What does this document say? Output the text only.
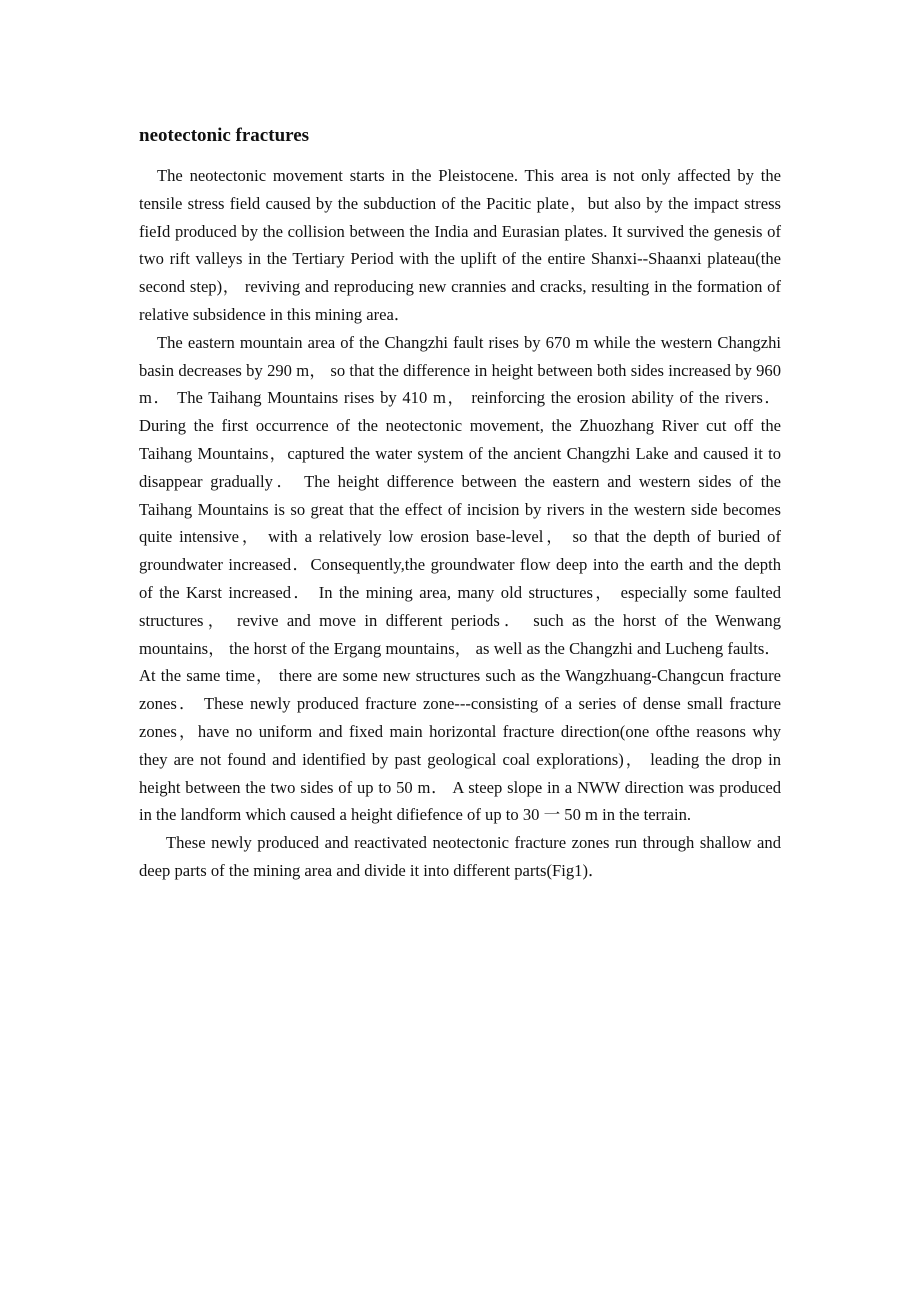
neotectonic fractures

The neotectonic movement starts in the Pleistocene. This area is not only affected by the tensile stress field caused by the subduction of the Pacitic plate，but also by the impact stress fieId produced by the collision between the India and Eurasian plates. It survived the genesis of two rift valleys in the Tertiary Period with the uplift of the entire Shanxi--Shaanxi plateau(the second step)， reviving and reproducing new crannies and cracks, resulting in the formation of relative subsidence in this mining area．

The eastern mountain area of the Changzhi fault rises by 670 m while the western Changzhi basin decreases by 290 m， so that the difference in height between both sides increased by 960 m． The Taihang Mountains rises by 410 m， reinforcing the erosion ability of the rivers． During the first occurrence of the neotectonic movement, the Zhuozhang River cut off the Taihang Mountains，captured the water system of the ancient Changzhi Lake and caused it to disappear gradually． The height difference between the eastern and western sides of the Taihang Mountains is so great that the effect of incision by rivers in the western side becomes quite intensive， with a relatively low erosion base-level， so that the depth of buried of groundwater increased．Consequently,the groundwater flow deep into the earth and the depth of the Karst increased． In the mining area, many old structures， especially some faulted structures， revive and move in different periods． such as the horst of the Wenwang mountains， the horst of the Ergang mountains， as well as the Changzhi and Lucheng faults． At the same time， there are some new structures such as the Wangzhuang-Changcun fracture zones． These newly produced fracture zone---consisting of a series of dense small fracture zones，have no uniform and fixed main horizontal fracture direction(one ofthe reasons why they are not found and identified by past geological coal explorations)， leading the drop in height between the two sides of up to 50 m． A steep slope in a NWW direction was produced in the landform which caused a height difiefence of up to 30 一 50 m in the terrain.

These newly produced and reactivated neotectonic fracture zones run through shallow and deep parts of the mining area and divide it into different parts(Fig1)．
